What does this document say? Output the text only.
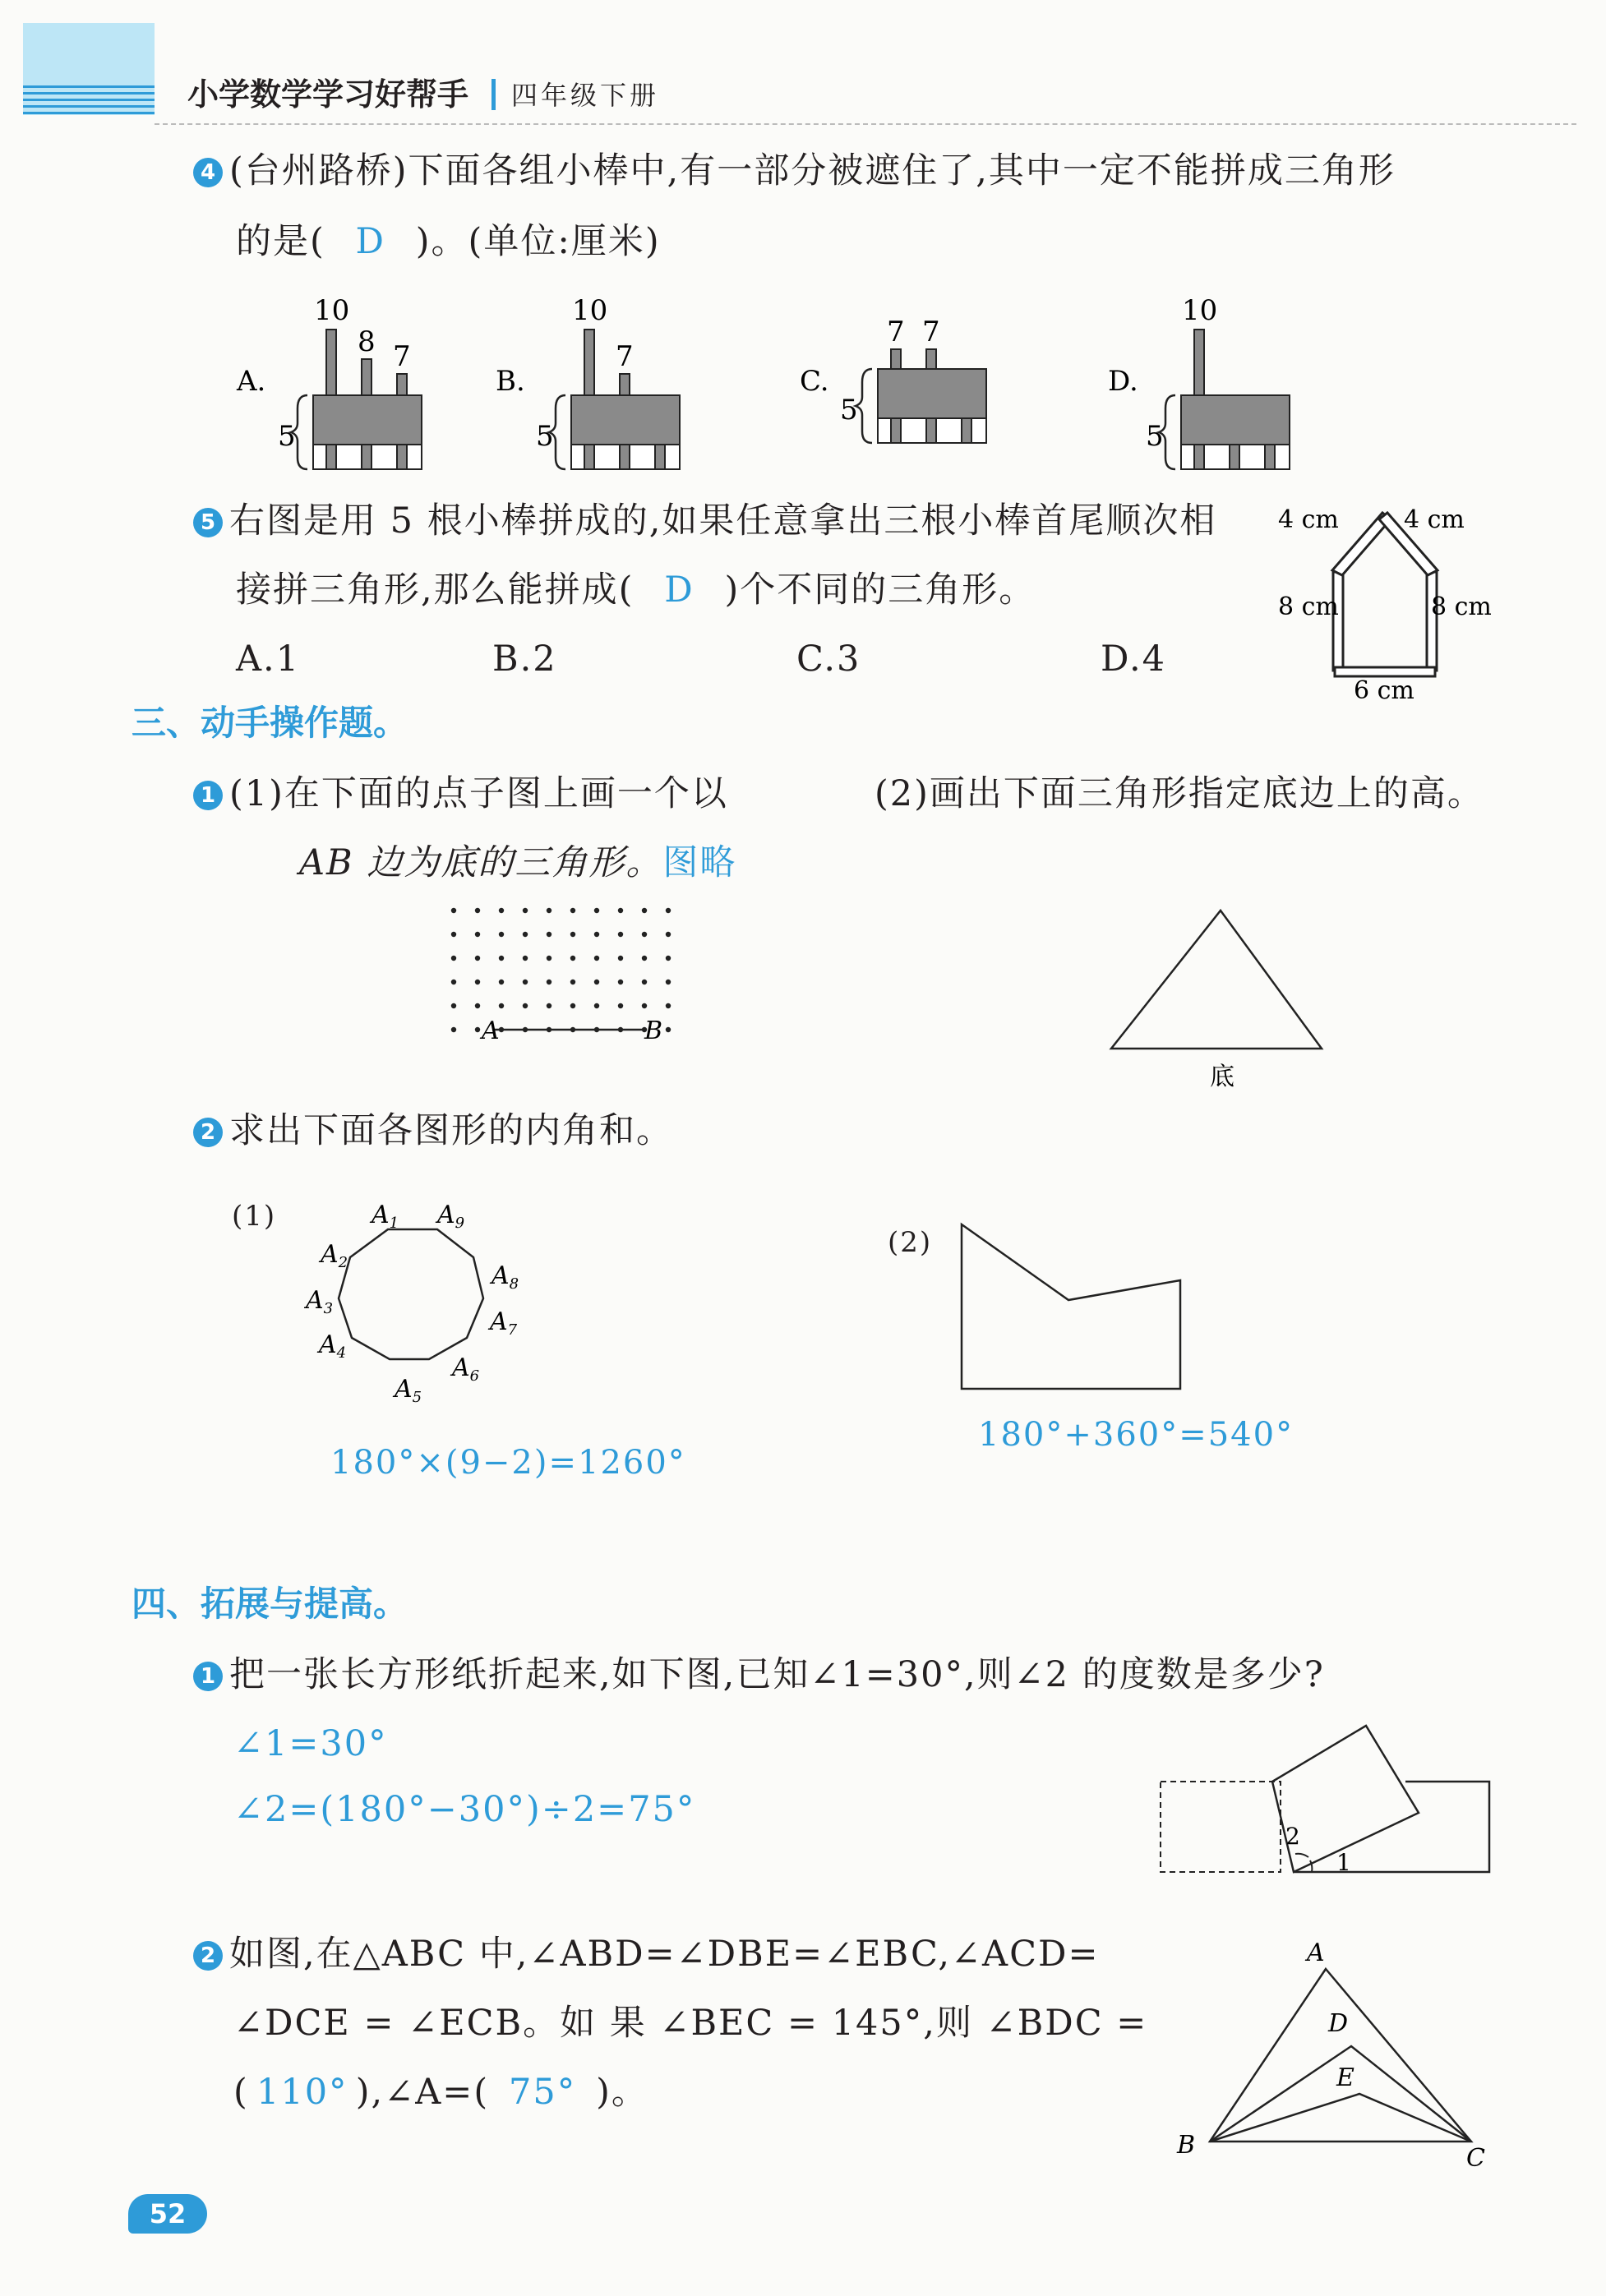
小学数学学习好帮手 四年级下册
4 (台州路桥)下面各组小棒中,有一部分被遮住了,其中一定不能拼成三角形
的是( D )。(单位:厘米)
A.
10
8 7
5
B.
10
7
5
C.
7 7
5
D.
10
5
5 右图是用 5 根小棒拼成的,如果任意拿出三根小棒首尾顺次相
接拼三角形,那么能拼成( D )个不同的三角形。
A.1	B.2	C.3	D.4
4 cm	4 cm
8 cm	8 cm
6 cm
三、动手操作题。
1 (1)在下面的点子图上画一个以	(2)画出下面三角形指定底边上的高。
AB 边为底的三角形。图略
A	B
底
2 求出下面各图形的内角和。
(1)	$A_1$
$A_2$
$A_3$
$A_4$
$A_5$
$A_6$
$A_7$
$A_8$
$A_9$
(2)
180°×(9−2)=1260°
180°+360°=540°
四、拓展与提高。
1 把一张长方形纸折起来,如下图,已知∠1=30°,则∠2 的度数是多少?
∠1=30°
∠2=(180°−30°)÷2=75°
1
2
2 如图,在△ABC 中,∠ABD=∠DBE=∠EBC,∠ACD=
∠DCE = ∠ECB。如 果 ∠BEC = 145°,则 ∠BDC =
( 110° ),∠A=( 75° )。
A
D
E
B	C
52
